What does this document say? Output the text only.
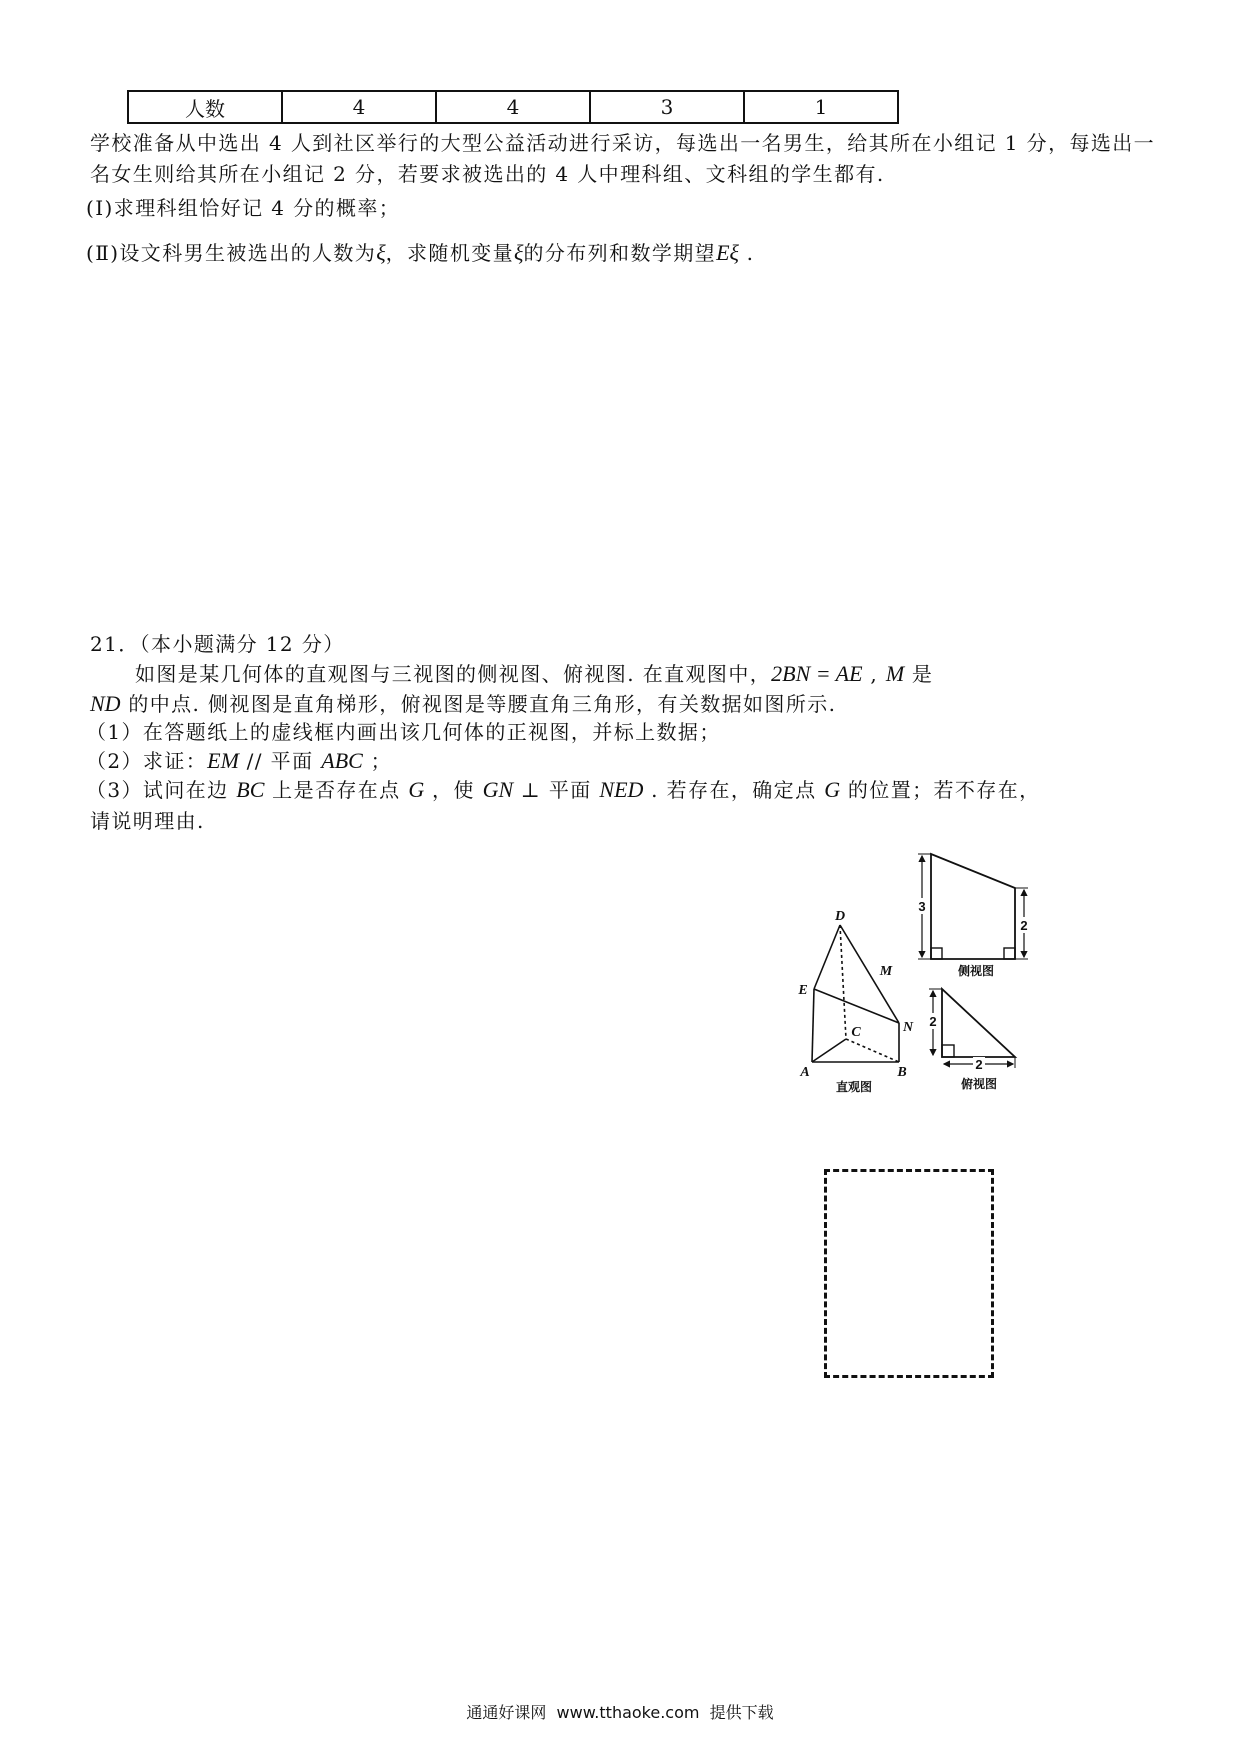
人数	4	4	3	1
学校准备从中选出 4 人到社区举行的大型公益活动进行采访，每选出一名男生，给其所在小组记 1 分，每选出一
名女生则给其所在小组记 2 分，若要求被选出的 4 人中理科组、文科组的学生都有.
(Ⅰ)求理科组恰好记 4 分的概率；
(Ⅱ)设文科男生被选出的人数为ξ，求随机变量ξ的分布列和数学期望Eξ .
21．（本小题满分 12 分）
如图是某几何体的直观图与三视图的侧视图、俯视图. 在直观图中，2BN = AE , M 是
ND 的中点. 侧视图是直角梯形，俯视图是等腰直角三角形，有关数据如图所示.
（1）在答题纸上的虚线框内画出该几何体的正视图，并标上数据；
（2）求证：EM // 平面 ABC ；
（3）试问在边 BC 上是否存在点 G ，使 GN ⊥ 平面 NED . 若存在，确定点 G 的位置；若不存在，
请说明理由.
D
M
E
N
C
A	B
直观图
3
2
侧视图
2
2
俯视图
通通好课网  www.tthaoke.com  提供下载
